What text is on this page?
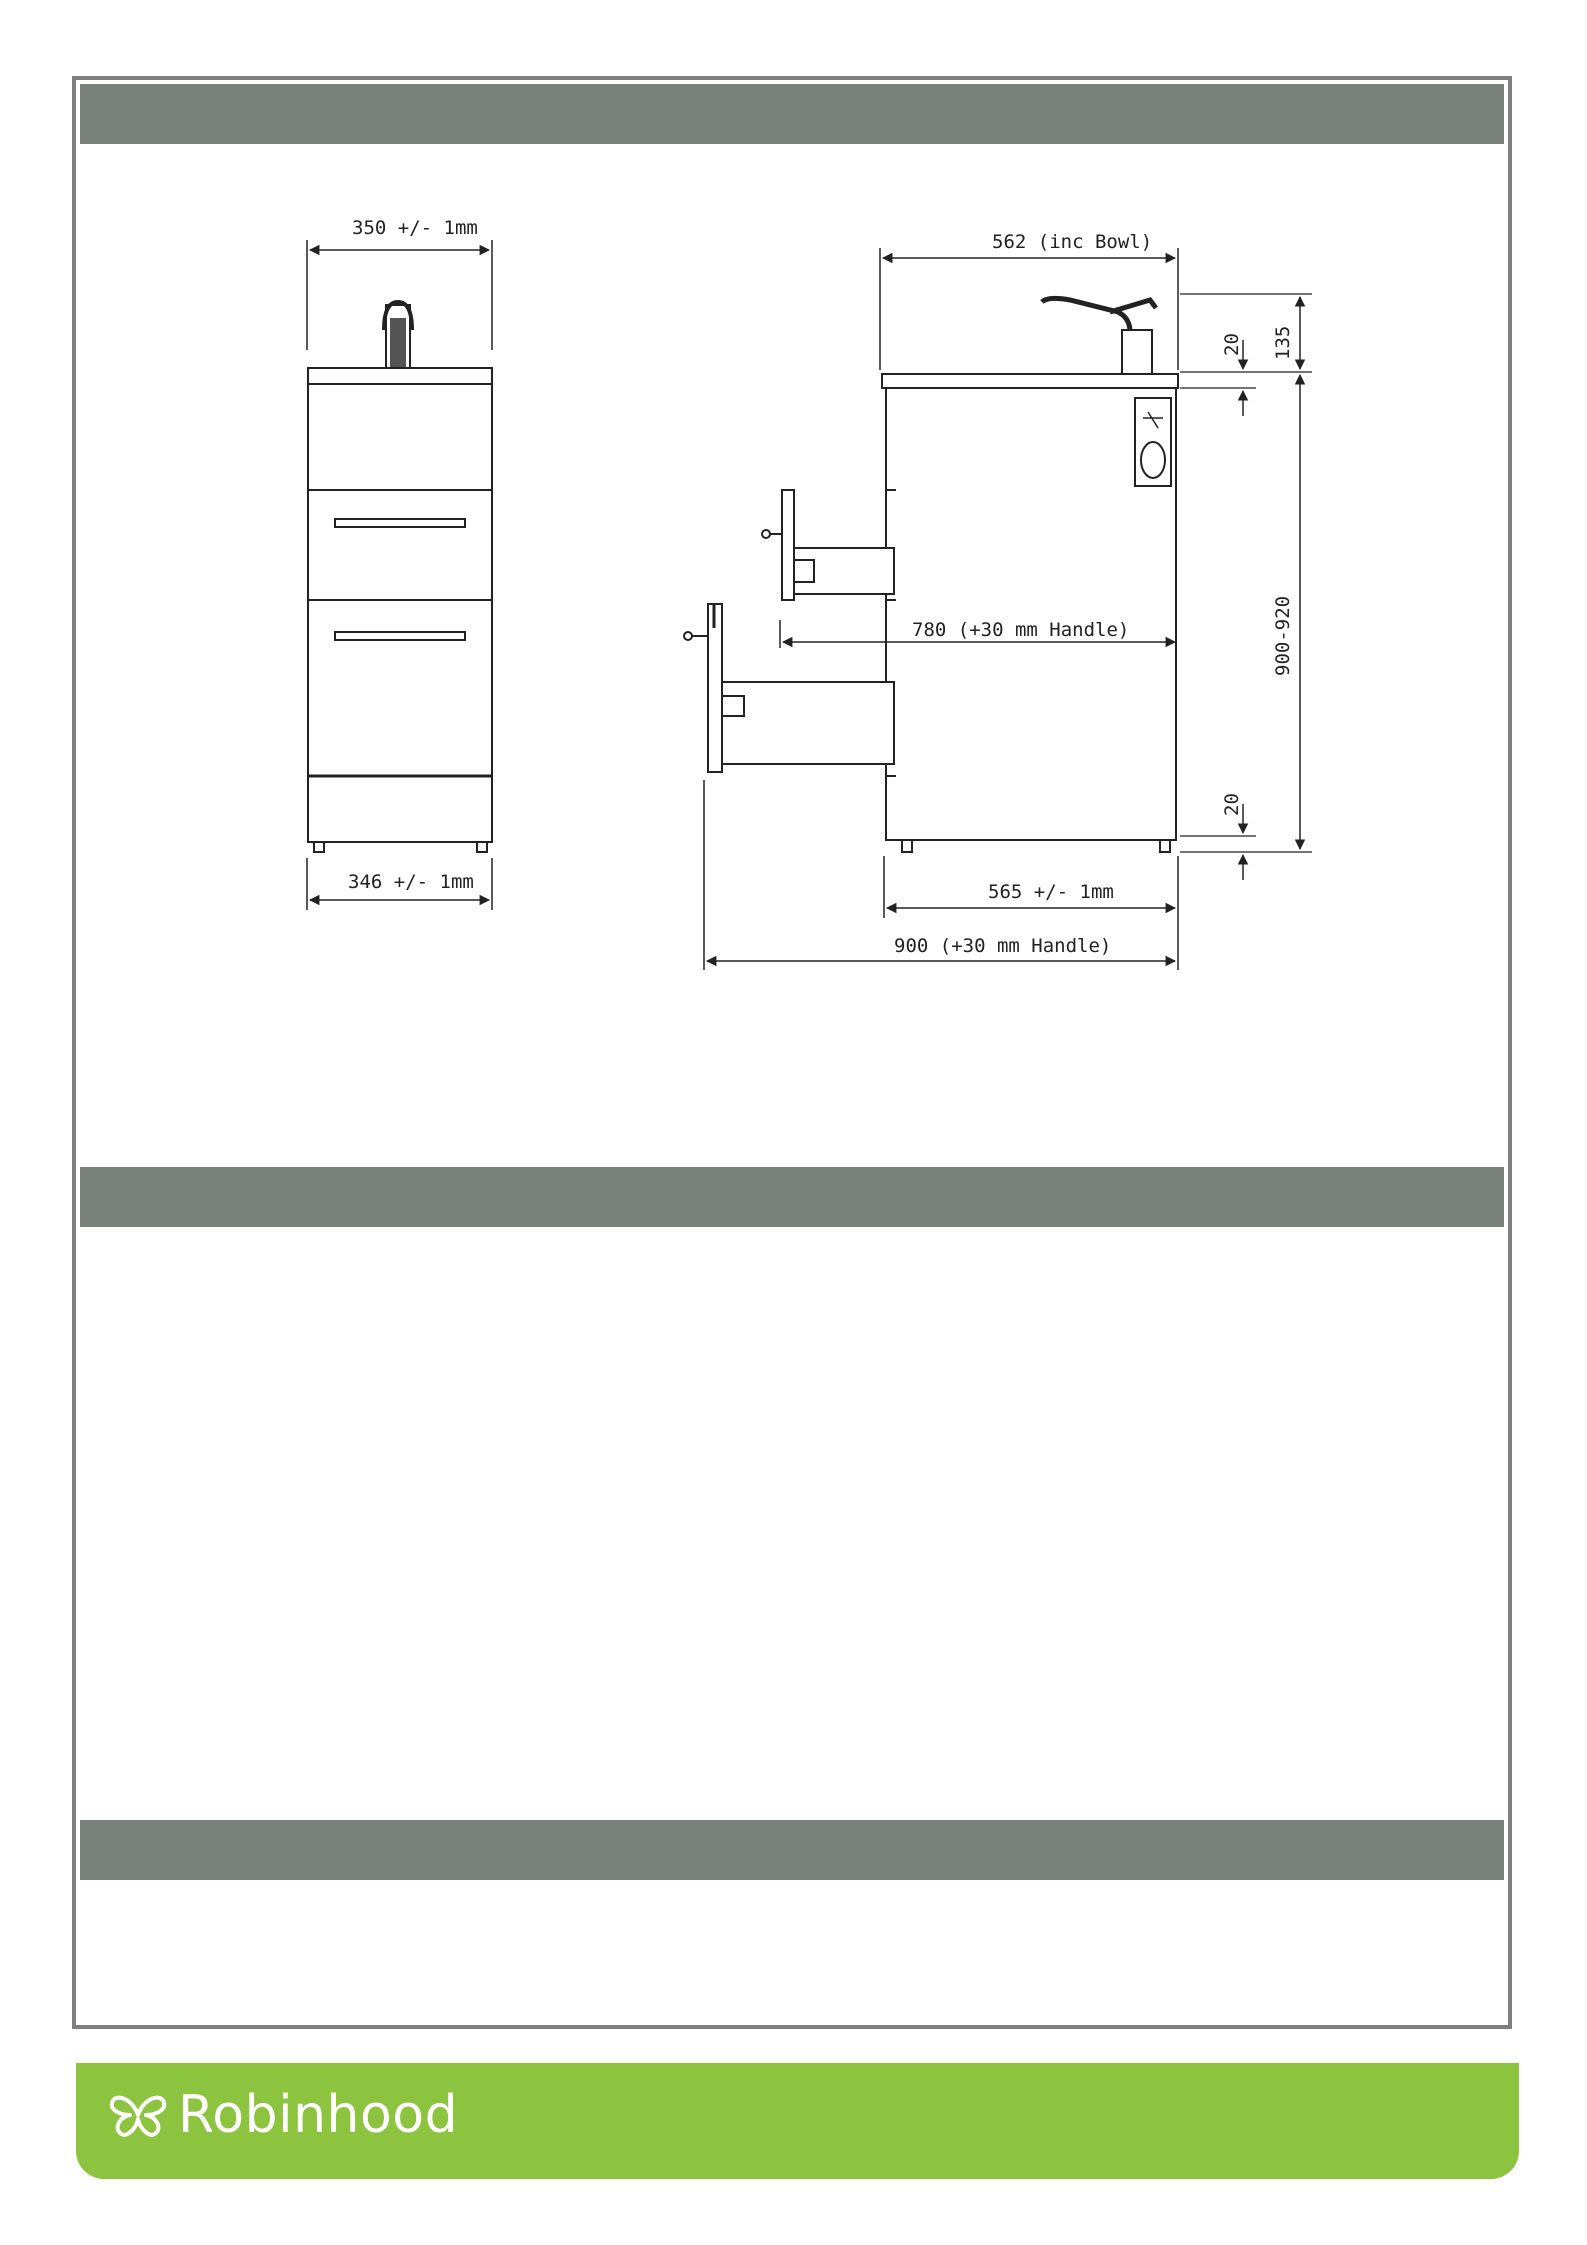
350 +/- 1mm
346 +/- 1mm
562 (inc Bowl)
135
20
900-920
780 (+30 mm Handle)
20
565 +/- 1mm
900 (+30 mm Handle)
Robinhood
